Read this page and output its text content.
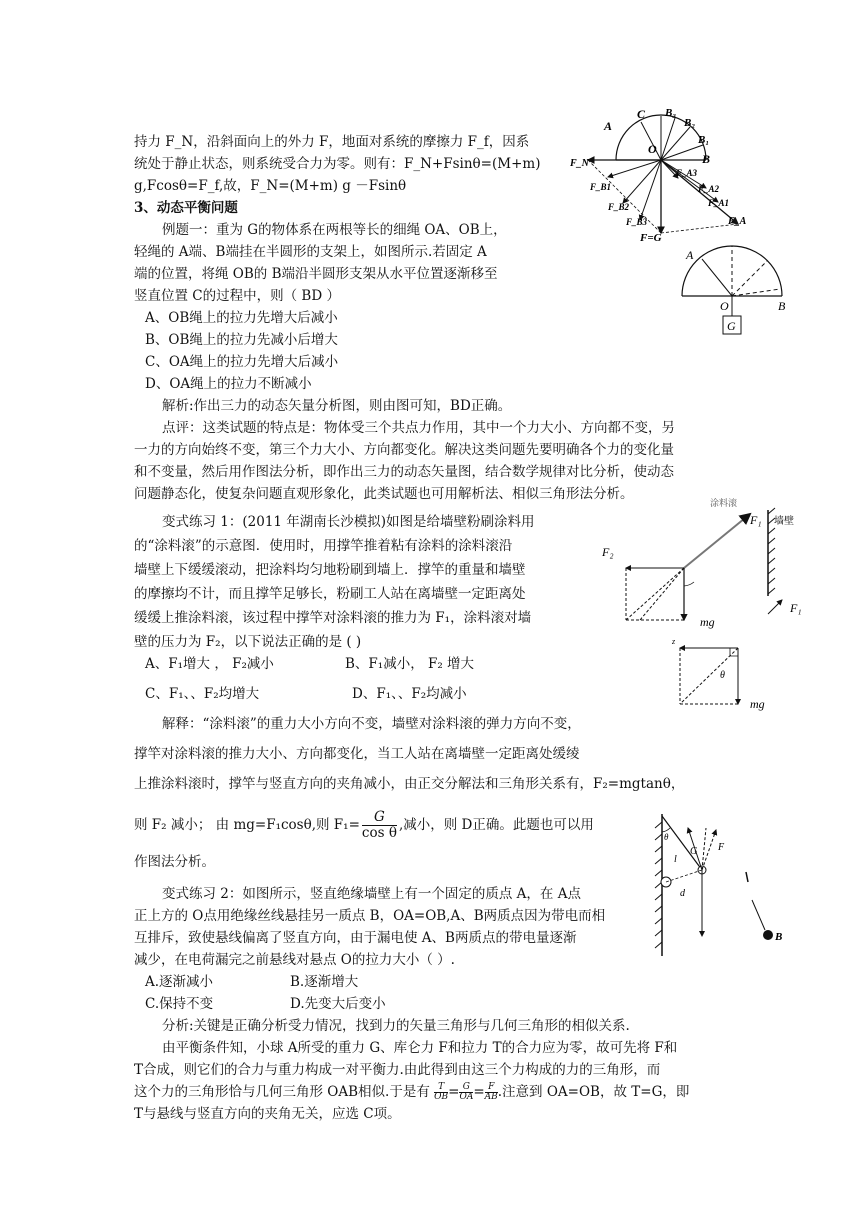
持力 F_N，沿斜面向上的外力 F，地面对系统的摩擦力 F_f，因系
统处于静止状态，则系统受合力为零。则有：F_N+Fsinθ=(M+m)
g,Fcosθ=F_f,故，F_N=(M+m) g －Fsinθ
3、动态平衡问题
例题一：重为 G的物体系在两根等长的细绳 OA、OB上，
轻绳的 A端、B端挂在半圆形的支架上，如图所示.若固定 A
端的位置，将绳 OB的 B端沿半圆形支架从水平位置逐渐移至
竖直位置 C的过程中，则（ BD ）
A、OB绳上的拉力先增大后减小
B、OB绳上的拉力先减小后增大
C、OA绳上的拉力先增大后减小
D、OA绳上的拉力不断减小
解析:作出三力的动态矢量分析图，则由图可知，BD正确。
点评：这类试题的特点是：物体受三个共点力作用，其中一个力大小、方向都不变，另
一力的方向始终不变，第三个力大小、方向都变化。解决这类问题先要明确各个力的变化量
和不变量，然后用作图法分析，即作出三力的动态矢量图，结合数学规律对比分析，使动态
问题静态化，使复杂问题直观形象化，此类试题也可用解析法、相似三角形法分析。
变式练习 1：(2011 年湖南长沙模拟)如图是给墙壁粉刷涂料用
的“涂料滚”的示意图．使用时，用撑竿推着粘有涂料的涂料滚沿
墙壁上下缓缓滚动，把涂料均匀地粉刷到墙上．撑竿的重量和墙壁
的摩擦均不计，而且撑竿足够长，粉刷工人站在离墙壁一定距离处
缓缓上推涂料滚，该过程中撑竿对涂料滚的推力为 F₁，涂料滚对墙
壁的压力为 F₂，以下说法正确的是 ( )
A、F₁增大 ， F₂减小	B、F₁减小， F₂ 增大
C、F₁、、F₂均增大	D、F₁、、F₂均减小
解释：“涂料滚”的重力大小方向不变，墙壁对涂料滚的弹力方向不变，
撑竿对涂料滚的推力大小、方向都变化，当工人站在离墙壁一定距离处缓绫
上推涂料滚时，撑竿与竖直方向的夹角减小，由正交分解法和三角形关系有，F₂=mgtanθ，
则 F₂ 减小； 由 mg=F₁cosθ,则 $F_1= \frac{G}{\text{cos θ}}$ ,减小，则 D正确。此题也可以用
作图法分析。
变式练习 2：如图所示，竖直绝缘墙壁上有一个固定的质点 A，在 A点
正上方的 O点用绝缘丝线悬挂另一质点 B，OA=OB,A、B两质点因为带电而相
互排斥，致使悬线偏离了竖直方向，由于漏电使 A、B两质点的带电量逐渐
减少，在电荷漏完之前悬线对悬点 O的拉力大小（ ）.
A.逐渐减小	B.逐渐增大
C.保持不变	D.先变大后变小
分析:关键是正确分析受力情况，找到力的矢量三角形与几何三角形的相似关系.
由平衡条件知，小球 A所受的重力 G、库仑力 F和拉力 T的合力应为零，故可先将 F和
T合成，则它们的合力与重力构成一对平衡力.由此得到由这三个力构成的力的三角形，而
这个力的三角形恰与几何三角形 OAB相似.于是有 $\frac{T}{OB}= \frac{G}{OA}= \frac{F}{AB}$.注意到 OA=OB，故 T=G，即
T与悬线与竖直方向的夹角无关，应选 C项。
A
C B₃
B₂
B₁
O
B
F_N
F_B1
F_B2
F_B3
F_A3
F_A2
F_A1
F_A
F=G
A
O	B
G
涂料滚
墙壁
F₂
F₁
mg
F₁
z
θ
mg
θ
l
G F
d
B
